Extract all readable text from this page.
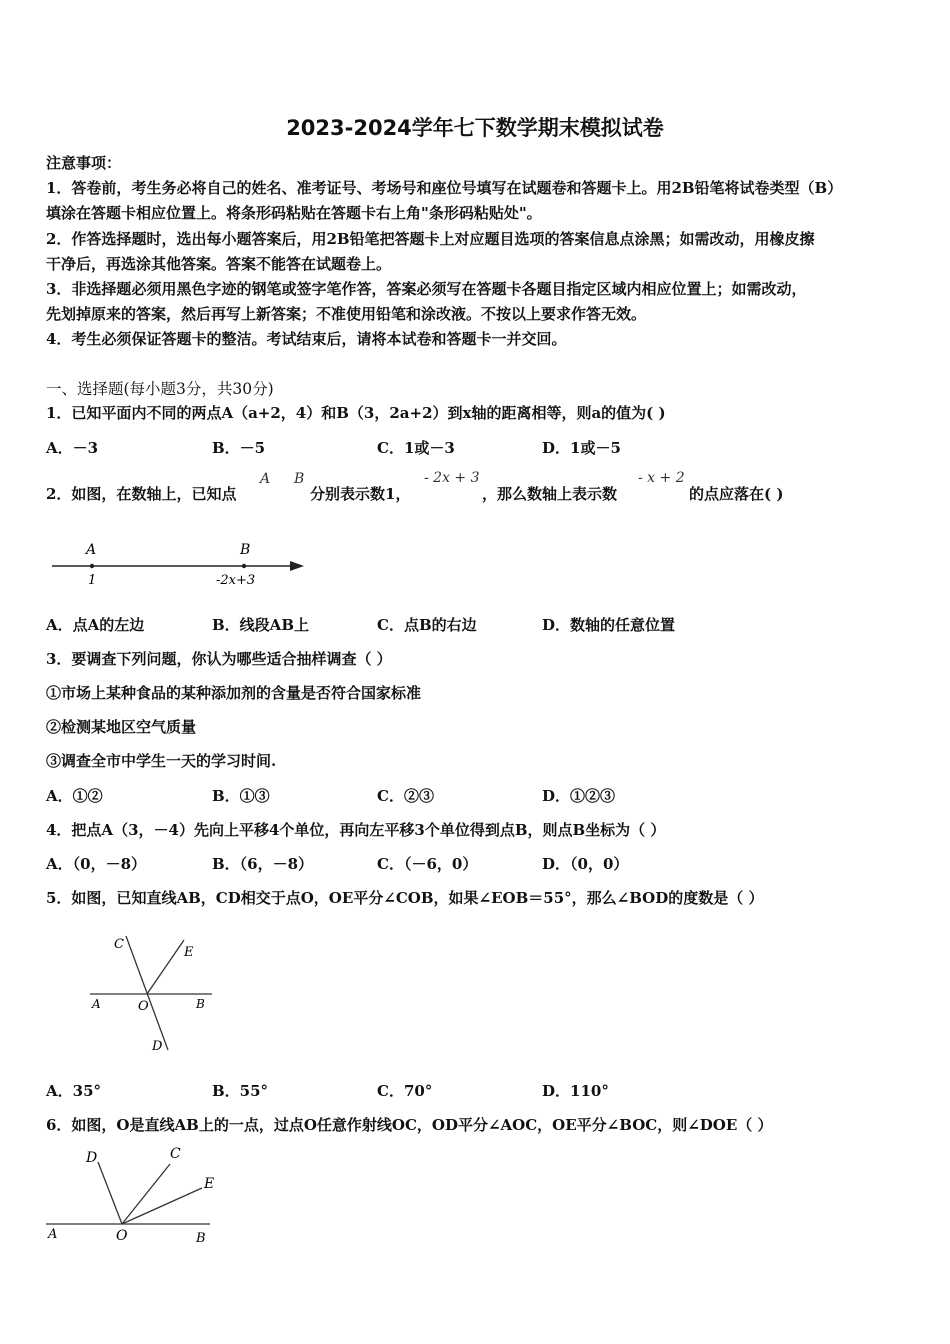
2023-2024学年七下数学期末模拟试卷
注意事项：
1．答卷前，考生务必将自己的姓名、准考证号、考场号和座位号填写在试题卷和答题卡上。用2B铅笔将试卷类型（B）
填涂在答题卡相应位置上。将条形码粘贴在答题卡右上角"条形码粘贴处"。
2．作答选择题时，选出每小题答案后，用2B铅笔把答题卡上对应题目选项的答案信息点涂黑；如需改动，用橡皮擦
干净后，再选涂其他答案。答案不能答在试题卷上。
3．非选择题必须用黑色字迹的钢笔或签字笔作答，答案必须写在答题卡各题目指定区域内相应位置上；如需改动，
先划掉原来的答案，然后再写上新答案；不准使用铅笔和涂改液。不按以上要求作答无效。
4．考生必须保证答题卡的整洁。考试结束后，请将本试卷和答题卡一并交回。
一、选择题(每小题3分，共30分)
1．已知平面内不同的两点A（a+2，4）和B（3，2a+2）到x轴的距离相等，则a的值为( )
A．－3	B．－5	C．1或－3	D．1或－5
2．如图，在数轴上，已知点
A B
分别表示数1，
- 2x + 3
，那么数轴上表示数
- x + 2
的点应落在( )
A	B
1	-2x+3
A．点A的左边	B．线段AB上	C．点B的右边	D．数轴的任意位置
3．要调查下列问题，你认为哪些适合抽样调查（ ）
①市场上某种食品的某种添加剂的含量是否符合国家标准
②检测某地区空气质量
③调查全市中学生一天的学习时间.
A．①②	B．①③	C．②③	D．①②③
4．把点A（3，－4）先向上平移4个单位，再向左平移3个单位得到点B，则点B坐标为（ ）
A．（0，－8）	B．（6，－8）	C．（－6，0）	D．（0，0）
5．如图，已知直线AB，CD相交于点O，OE平分∠COB，如果∠EOB＝55°，那么∠BOD的度数是（ ）
C
E
A	O	B
D
A．35°	B．55°	C．70°	D．110°
6．如图，O是直线AB上的一点，过点O任意作射线OC，OD平分∠AOC，OE平分∠BOC，则∠DOE（ ）
D	C
E
A	O	B
